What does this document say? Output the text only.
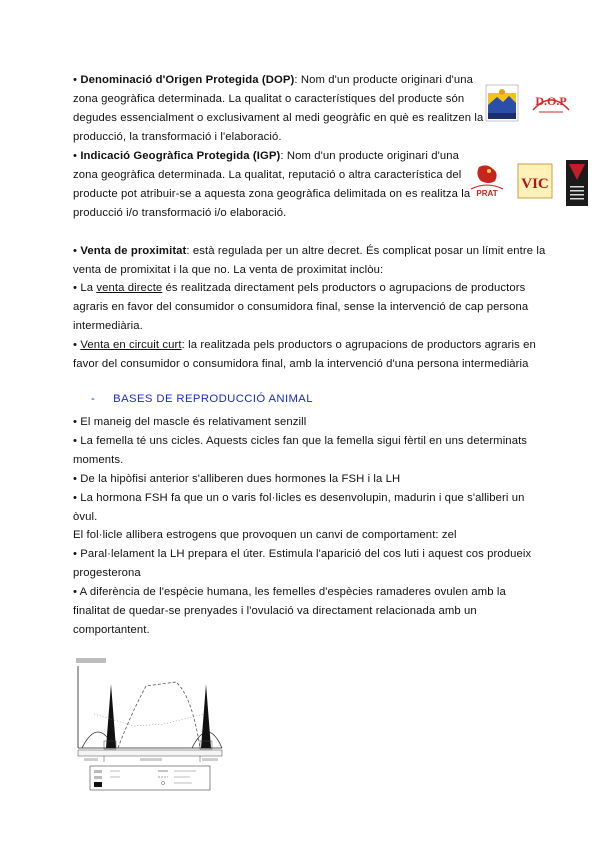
• Denominació d'Origen Protegida (DOP): Nom d'un producte originari d'una
zona geogràfica determinada. La qualitat o característiques del producte són
degudes essencialment o exclusivament al medi geogràfic en què es realitzen la
producció, la transformació i l'elaboració.
• Indicació Geogràfica Protegida (IGP): Nom d'un producte originari d'una
zona geogràfica determinada. La qualitat, reputació o altra característica del
producte pot atribuir-se a aquesta zona geogràfica delimitada on es realitza la
producció i/o transformació i/o elaboració.
• Venta de proximitat: està regulada per un altre decret. És complicat posar un límit entre la
venta de promixitat i la que no. La venta de proximitat inclòu:
• La venta directe és realitzada directament pels productors o agrupacions de productors
agraris en favor del consumidor o consumidora final, sense la intervenció de cap persona
intermediària.
• Venta en circuit curt: la realitzada pels productors o agrupacions de productors agraris en
favor del consumidor o consumidora final, amb la intervenció d'una persona intermediària
- BASES DE REPRODUCCIÓ ANIMAL
• El maneig del mascle és relativament senzill
• La femella té uns cicles. Aquests cicles fan que la femella sigui fèrtil en uns determinats
moments.
• De la hipòfisi anterior s'alliberen dues hormones la FSH i la LH
• La hormona FSH fa que un o varis fol·licles es desenvolupin, madurin i que s'alliberi un
òvul.
El fol·licle allibera estrogens que provoquen un canvi de comportament: zel
• Paral·lelament la LH prepara el úter. Estimula l'aparició del cos luti i aquest cos produeix
progesterona
• A diferència de l'espècie humana, les femelles d'espècies ramaderes ovulen amb la
finalitat de quedar-se prenyades i l'ovulació va directament relacionada amb un
comportantent.
D.O.P
PRAT
VIC
